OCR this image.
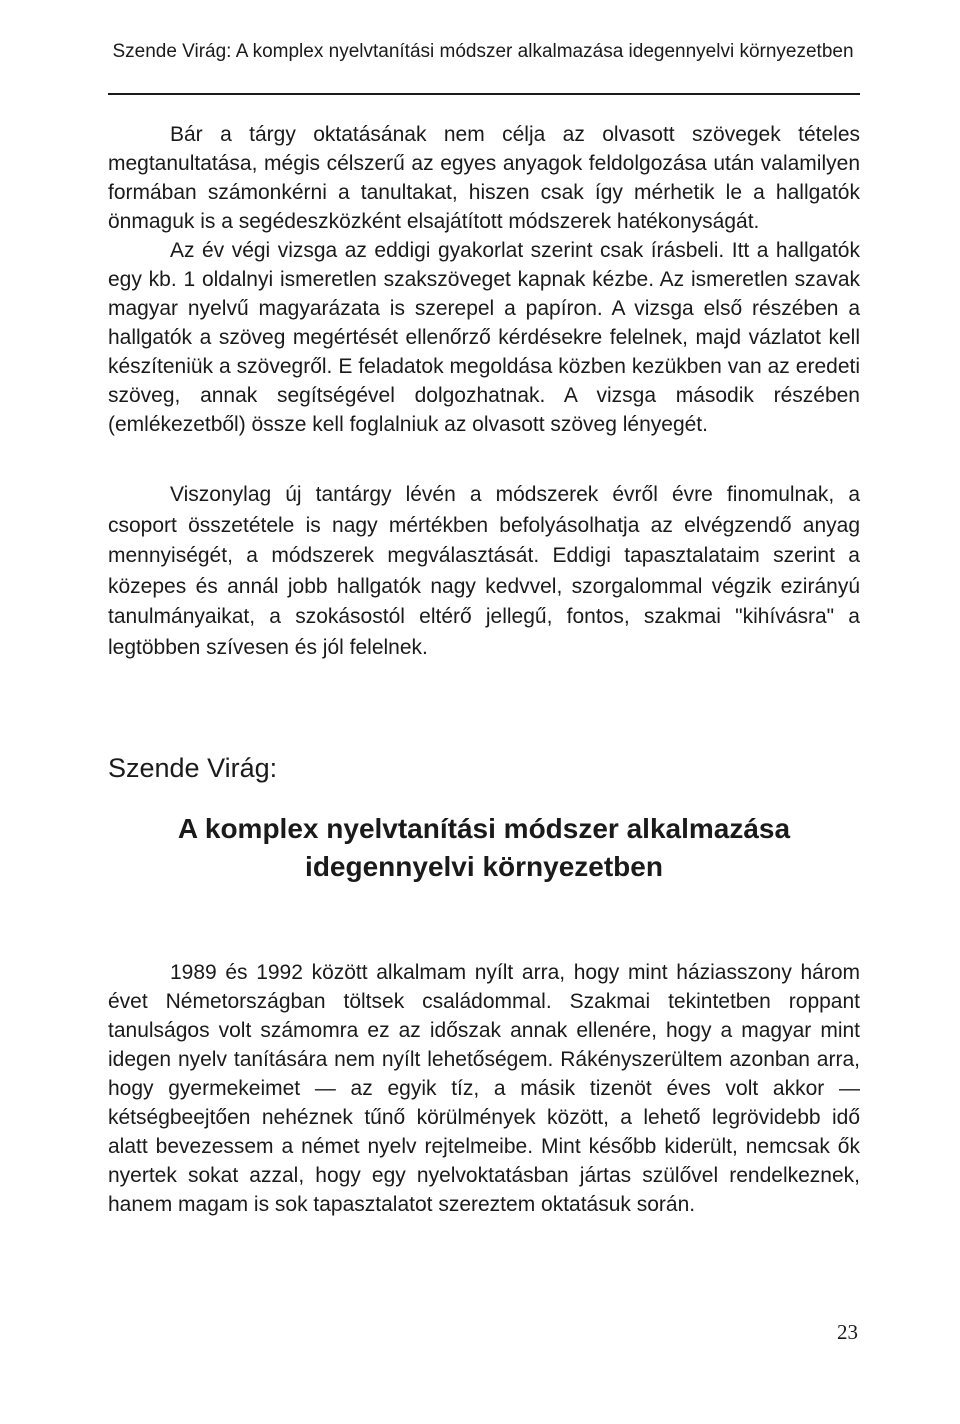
Szende Virág: A komplex nyelvtanítási módszer alkalmazása idegennyelvi környezetben

Bár a tárgy oktatásának nem célja az olvasott szövegek tételes megtanultatása, mégis célszerű az egyes anyagok feldolgozása után valamilyen formában számonkérni a tanultakat, hiszen csak így mérhetik le a hallgatók önmaguk is a segédeszközként elsajátított módszerek hatékonyságát.

Az év végi vizsga az eddigi gyakorlat szerint csak írásbeli. Itt a hallgatók egy kb. 1 oldalnyi ismeretlen szakszöveget kapnak kézbe. Az ismeretlen szavak magyar nyelvű magyarázata is szerepel a papíron. A vizsga első részében a hallgatók a szöveg megértését ellenőrző kérdésekre felelnek, majd vázlatot kell készíteniük a szövegről. E feladatok megoldása közben kezükben van az eredeti szöveg, annak segítségével dolgozhatnak. A vizsga második részében (emlékezetből) össze kell foglalniuk az olvasott szöveg lényegét.

Viszonylag új tantárgy lévén a módszerek évről évre finomulnak, a csoport összetétele is nagy mértékben befolyásolhatja az elvégzendő anyag mennyiségét, a módszerek megválasztását. Eddigi tapasztalataim szerint a közepes és annál jobb hallgatók nagy kedvvel, szorgalommal végzik ezirányú tanulmányaikat, a szokásostól eltérő jellegű, fontos, szakmai "kihívásra" a legtöbben szívesen és jól felelnek.

Szende Virág:
A komplex nyelvtanítási módszer alkalmazása
idegennyelvi környezetben

1989 és 1992 között alkalmam nyílt arra, hogy mint háziasszony három évet Németországban töltsek családommal. Szakmai tekintetben roppant tanulságos volt számomra ez az időszak annak ellenére, hogy a magyar mint idegen nyelv tanítására nem nyílt lehetőségem. Rákényszerültem azonban arra, hogy gyermekeimet — az egyik tíz, a másik tizenöt éves volt akkor — kétségbeejtően nehéznek tűnő körülmények között, a lehető legrövidebb idő alatt bevezessem a német nyelv rejtelmeibe. Mint később kiderült, nemcsak ők nyertek sokat azzal, hogy egy nyelvoktatásban jártas szülővel rendelkeznek, hanem magam is sok tapasztalatot szereztem oktatásuk során.

23
